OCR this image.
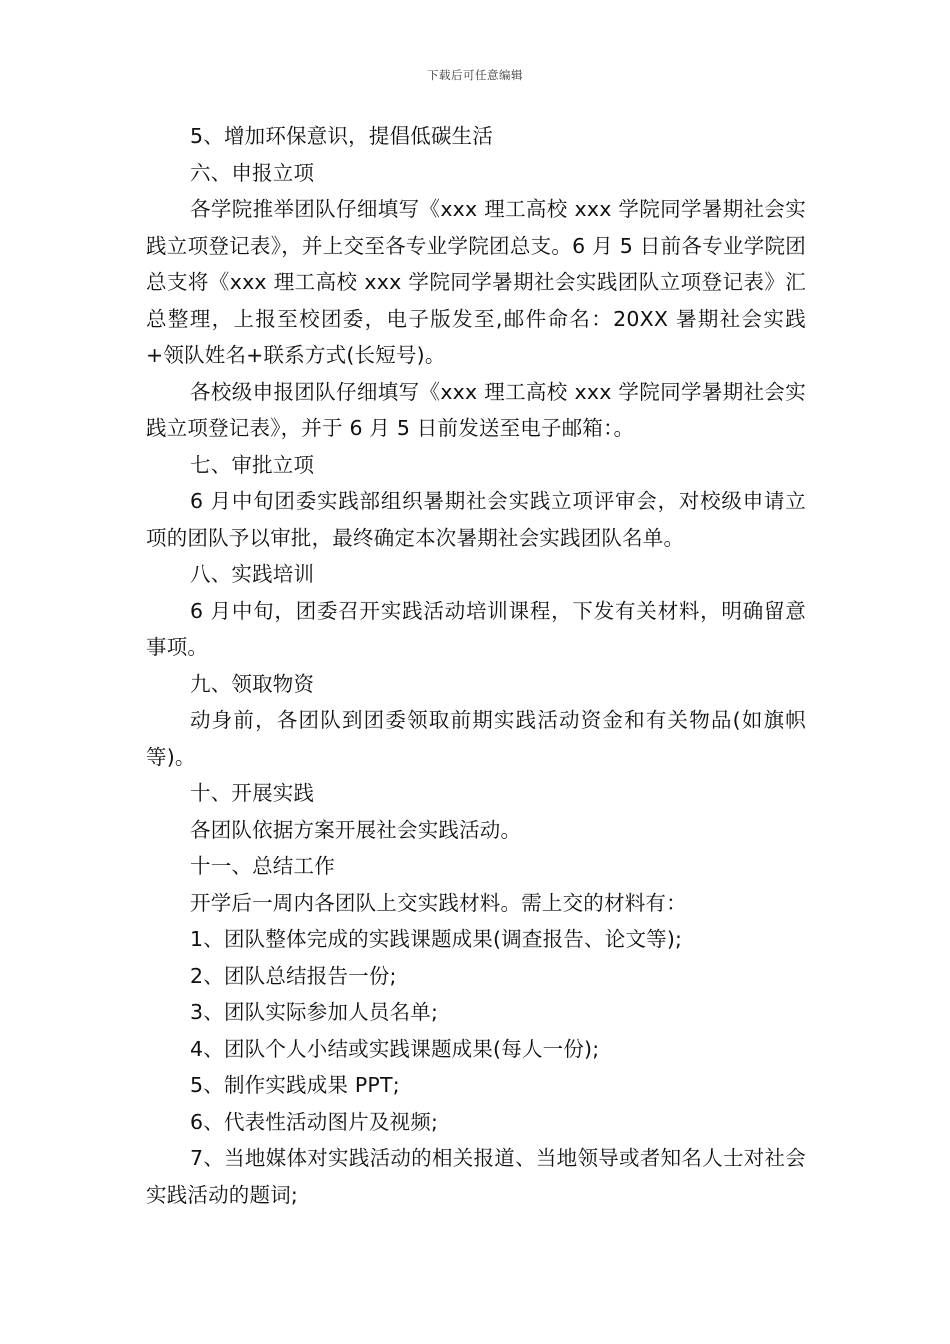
下载后可任意编辑

5、增加环保意识，提倡低碳生活

六、申报立项

各学院推举团队仔细填写《xxx 理工高校 xxx 学院同学暑期社会实践立项登记表》，并上交至各专业学院团总支。6 月 5 日前各专业学院团总支将《xxx 理工高校 xxx 学院同学暑期社会实践团队立项登记表》汇总整理，上报至校团委，电子版发至,邮件命名：20XX 暑期社会实践+领队姓名+联系方式(长短号)。

各校级申报团队仔细填写《xxx 理工高校 xxx 学院同学暑期社会实践立项登记表》，并于 6 月 5 日前发送至电子邮箱：。

七、审批立项

6 月中旬团委实践部组织暑期社会实践立项评审会，对校级申请立项的团队予以审批，最终确定本次暑期社会实践团队名单。

八、实践培训

6 月中旬，团委召开实践活动培训课程，下发有关材料，明确留意事项。

九、领取物资

动身前，各团队到团委领取前期实践活动资金和有关物品(如旗帜等)。

十、开展实践

各团队依据方案开展社会实践活动。

十一、总结工作

开学后一周内各团队上交实践材料。需上交的材料有：

1、团队整体完成的实践课题成果(调查报告、论文等);

2、团队总结报告一份;

3、团队实际参加人员名单;

4、团队个人小结或实践课题成果(每人一份);

5、制作实践成果 PPT;

6、代表性活动图片及视频;

7、当地媒体对实践活动的相关报道、当地领导或者知名人士对社会实践活动的题词;
